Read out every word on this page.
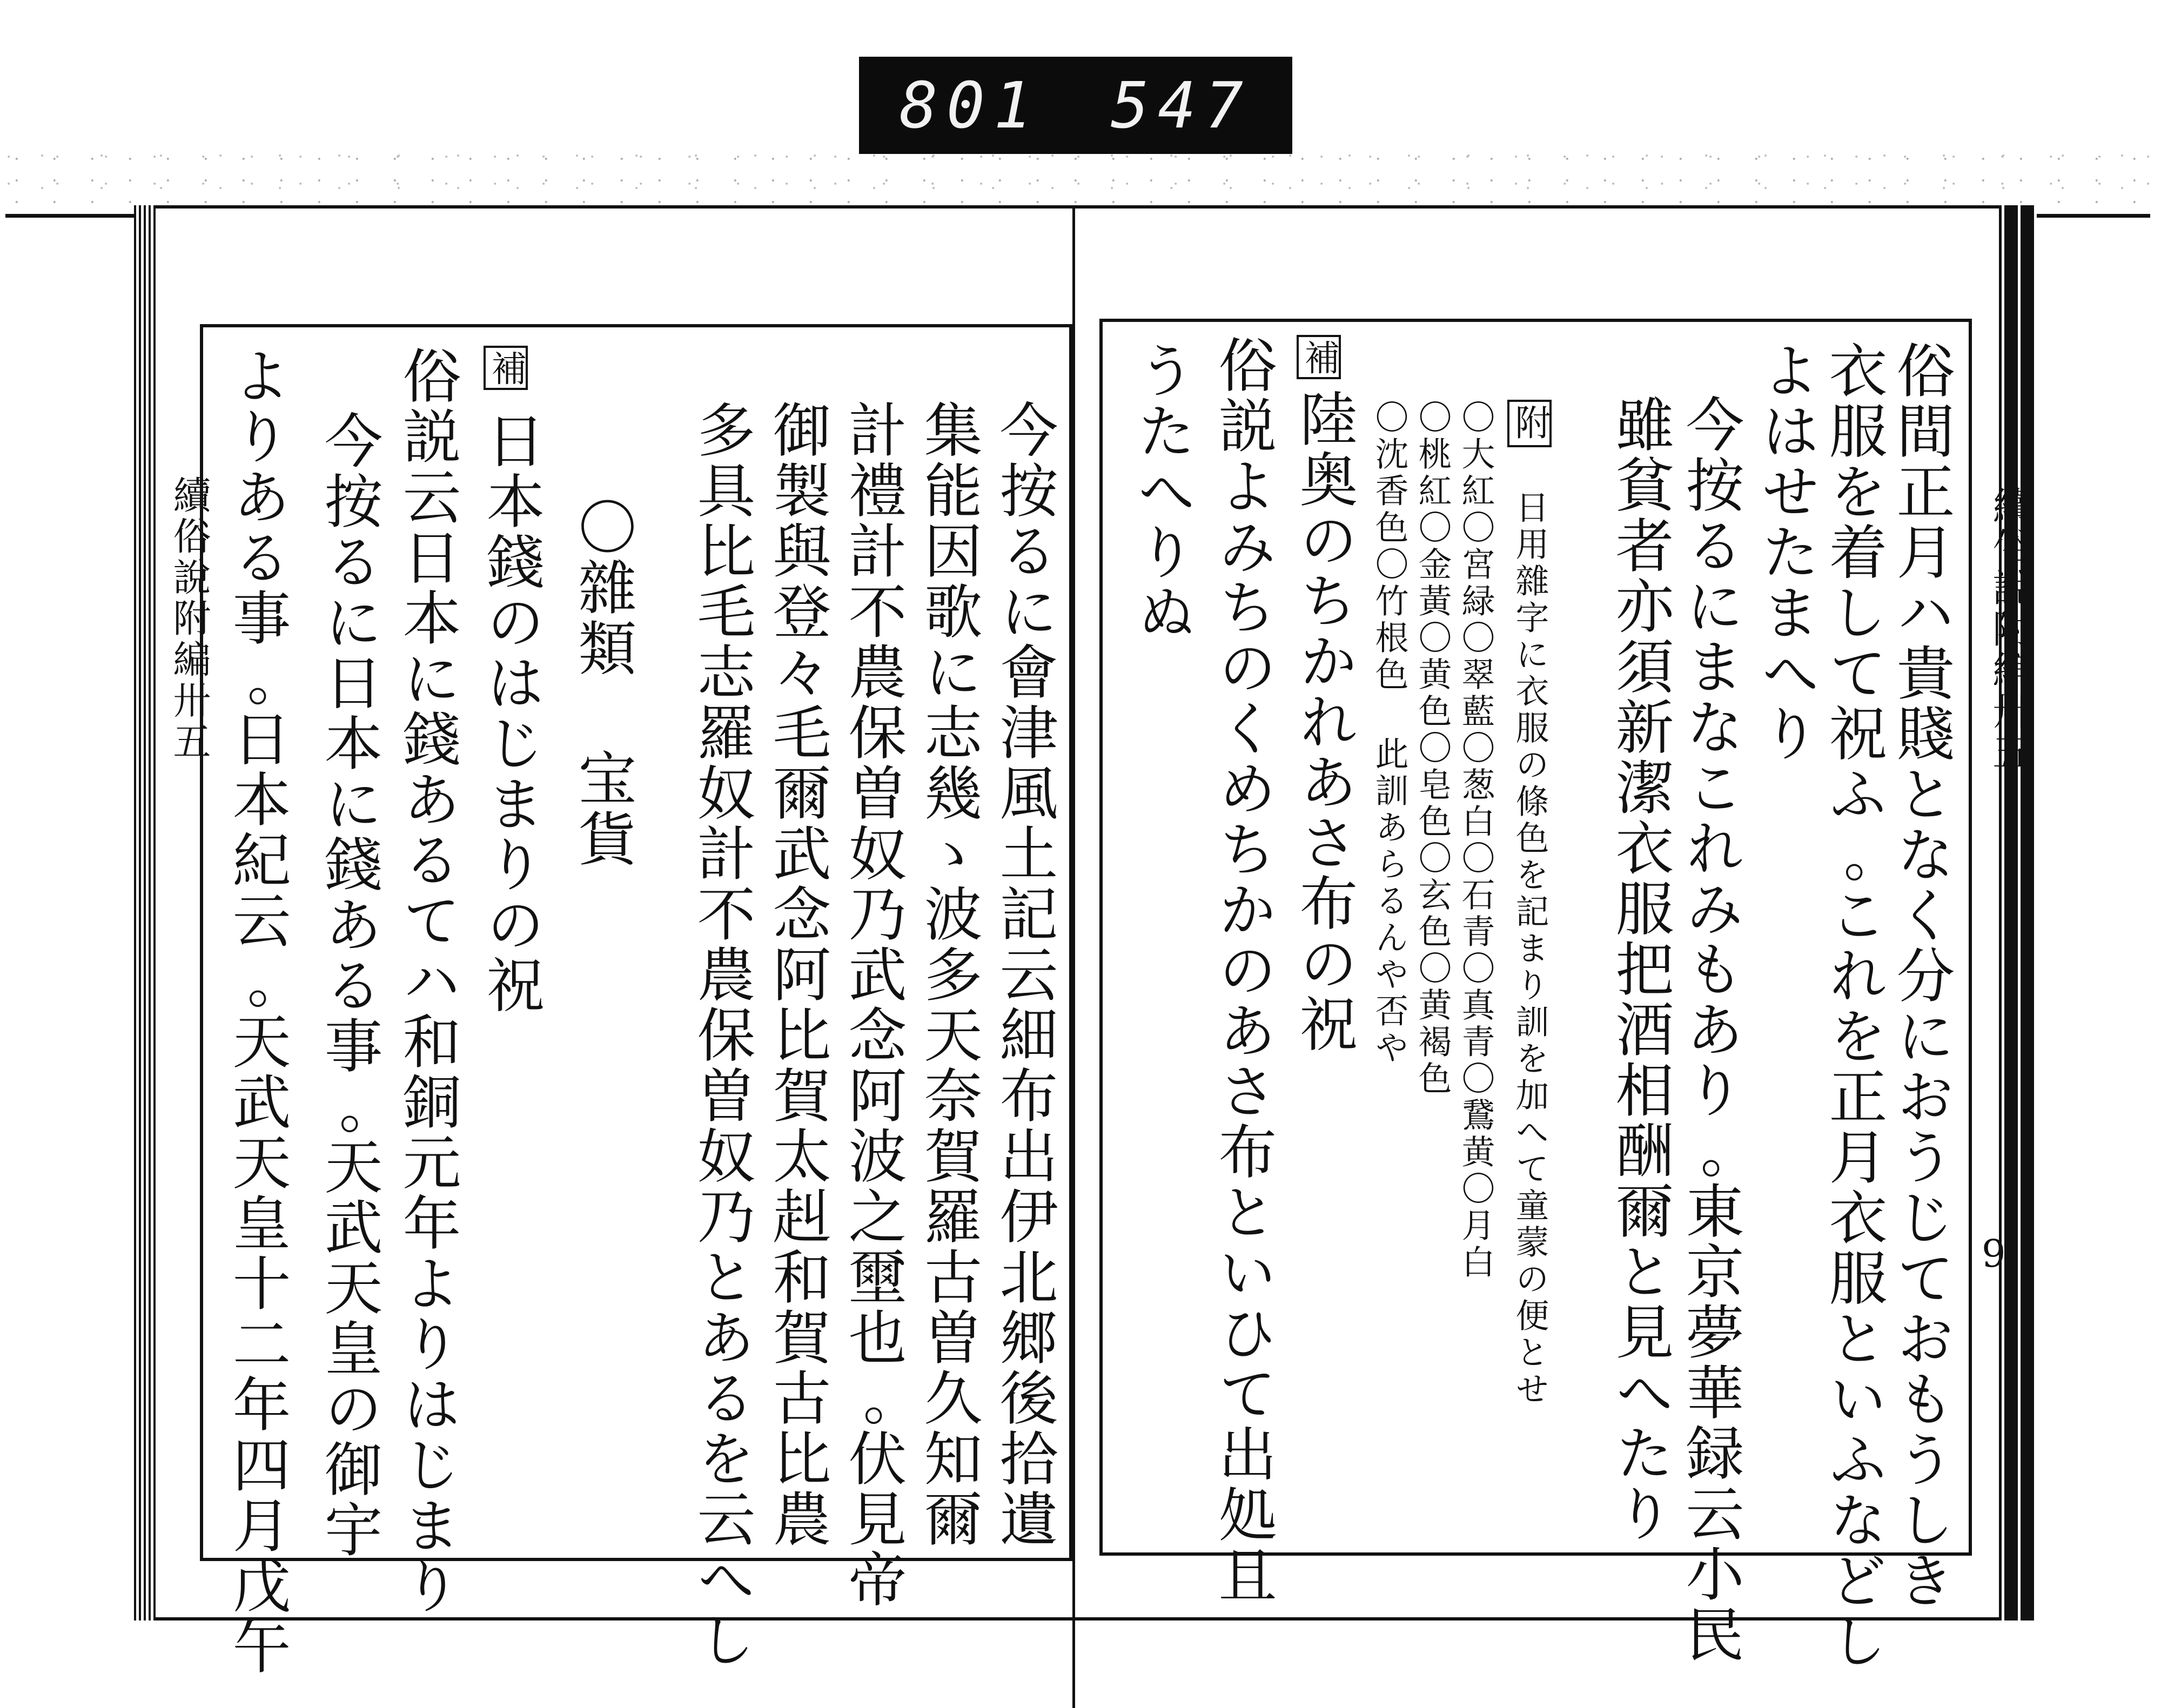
801 547
續俗說附編卅五	續俗說附編卅五
俗間正月ハ貴賤となく分におうじておもうしき
衣服を着して祝ふ｡これを正月衣服といふなどし
よはせたまへり
今按るにまなこれみもあり｡東京夢華録云小民
雖貧者亦須新潔衣服把酒相酬爾と見へたり
附 日用雜字に衣服の條色を記まり訓を加へて童蒙の便とせ
〇大紅〇宮緑〇翠藍〇葱白〇石青〇真青〇鵞黄〇月白
〇桃紅〇金黃〇黄色〇皂色〇玄色〇黄褐色
〇沈香色〇竹根色 此訓あらるんや否や
補
陸奥のちかれあさ布の祝
俗説よみちのくめちかのあさ布といひて出処且
うたへりぬ
今按るに會津風土記云細布出伊北郷後拾遺
集能因歌に志幾ゝ波多天奈賀羅古曽久知爾
計禮計不農保曽奴乃武念阿波之壐也｡伏見帝
御製與登々毛爾武念阿比賀太赳和賀古比農
多具比毛志羅奴計不農保曽奴乃とあるを云へし
〇雜類 宝貨
補
日本錢のはじまりの祝
俗説云日本に錢あるてハ和銅元年よりはじまり
今按るに日本に錢ある事｡天武天皇の御宇
よりある事｡日本紀云｡天武天皇十二年四月戊午	9
